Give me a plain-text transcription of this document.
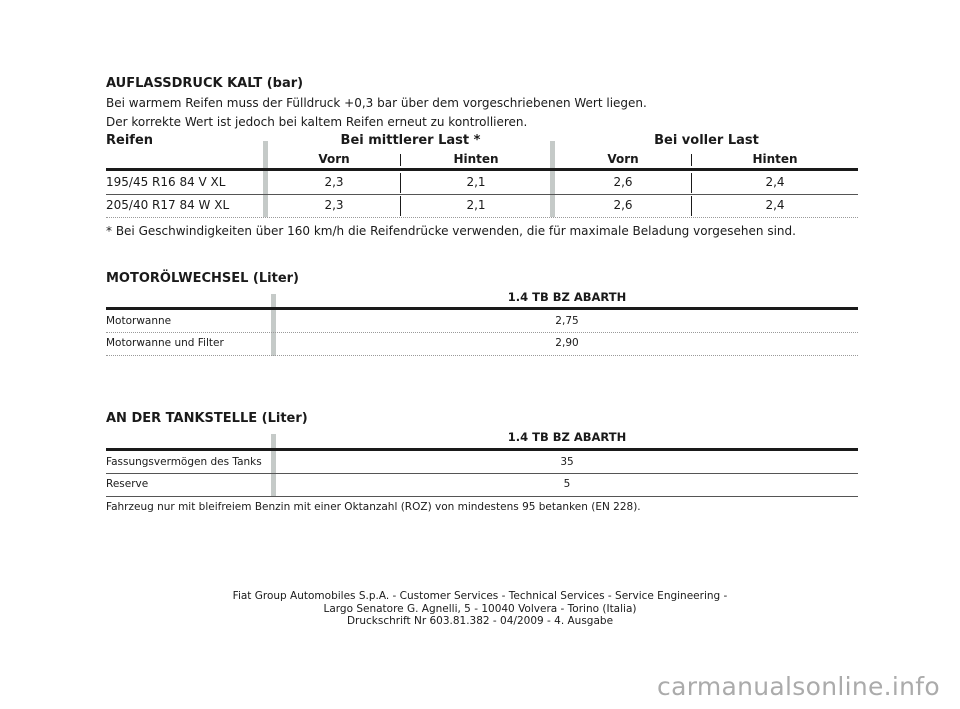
AUFLASSDRUCK KALT (bar)
Bei warmem Reifen muss der Fülldruck +0,3 bar über dem vorgeschriebenen Wert liegen.
Der korrekte Wert ist jedoch bei kaltem Reifen erneut zu kontrollieren.
Reifen	Bei mittlerer Last *	Bei voller Last
Vorn	Hinten	Vorn	Hinten
195/45 R16 84 V XL	2,3	2,1	2,6	2,4
205/40 R17 84 W XL	2,3	2,1	2,6	2,4
* Bei Geschwindigkeiten über 160 km/h die Reifendrücke verwenden, die für maximale Beladung vorgesehen sind.
MOTORÖLWECHSEL (Liter)
1.4 TB BZ ABARTH
Motorwanne	2,75
Motorwanne und Filter	2,90
AN DER TANKSTELLE (Liter)
1.4 TB BZ ABARTH
Fassungsvermögen des Tanks	35
Reserve	5
Fahrzeug nur mit bleifreiem Benzin mit einer Oktanzahl (ROZ) von mindestens 95 betanken (EN 228).
Fiat Group Automobiles S.p.A. - Customer Services - Technical Services - Service Engineering -
Largo Senatore G. Agnelli, 5 - 10040 Volvera - Torino (Italia)
Druckschrift Nr 603.81.382 - 04/2009 - 4. Ausgabe
carmanualsonline.info
